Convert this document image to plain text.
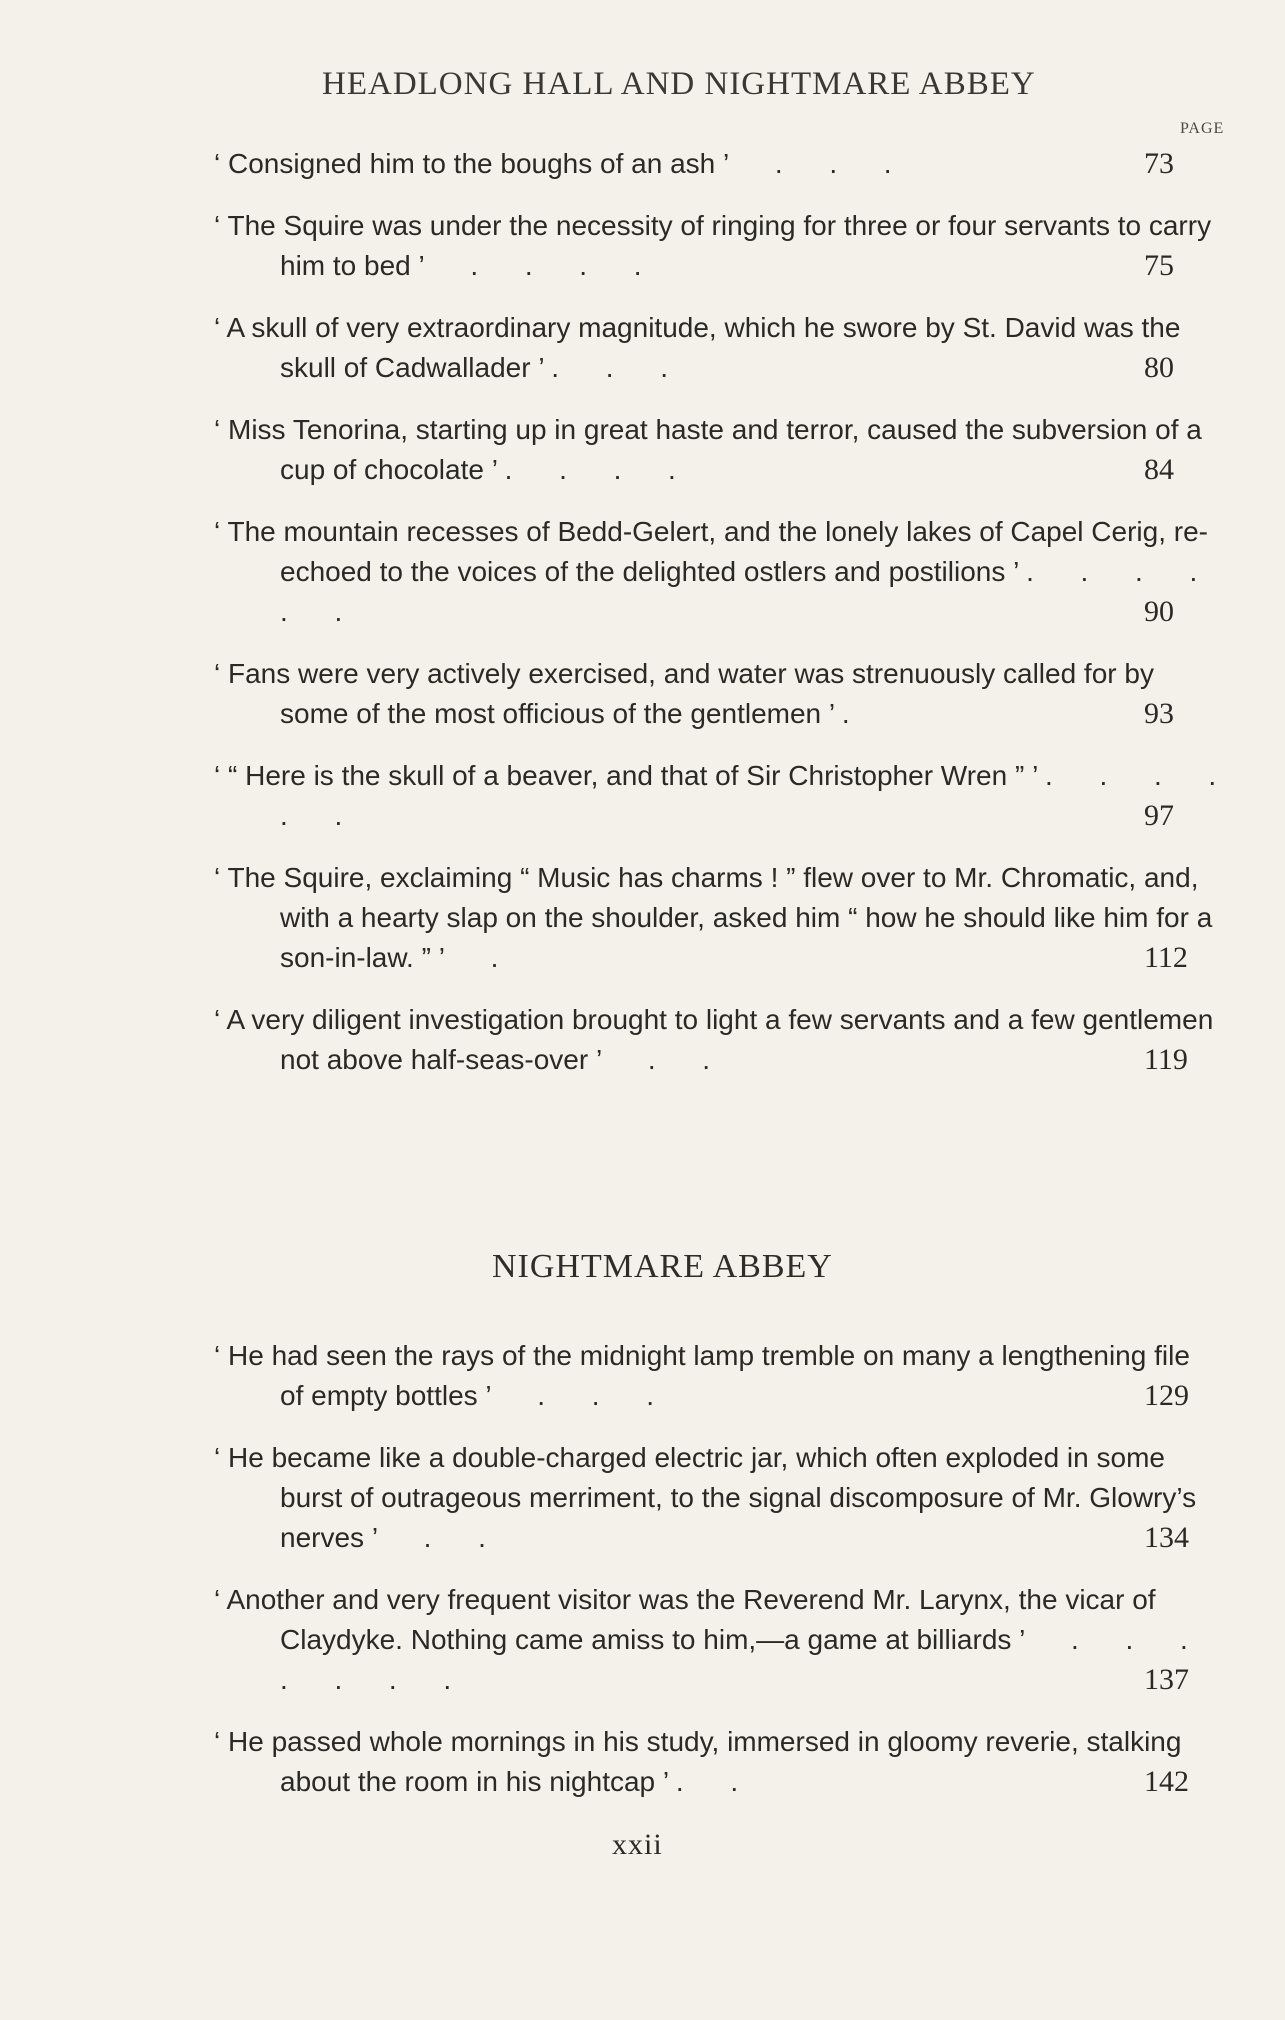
HEADLONG HALL AND NIGHTMARE ABBEY
PAGE
‘ Consigned him to the boughs of an ash ’      .      .      .	73
‘ The Squire was under the necessity of ringing for three or four servants to carry him to bed ’      .      .      .      .	75
‘ A skull of very extraordinary magnitude, which he swore by St. David was the skull of Cadwallader ’ .      .      .	80
‘ Miss Tenorina, starting up in great haste and terror, caused the subversion of a cup of chocolate ’ .      .      .      .	84
‘ The mountain recesses of Bedd-Gelert, and the lonely lakes of Capel Cerig, re-echoed to the voices of the delighted ostlers and postilions ’ .      .      .      .      .      .	90
‘ Fans were very actively exercised, and water was strenuously called for by some of the most officious of the gentlemen ’ .	93
‘ “ Here is the skull of a beaver, and that of Sir Christopher Wren ” ’ .      .      .      .      .      .	97
‘ The Squire, exclaiming “ Music has charms ! ” flew over to Mr. Chromatic, and, with a hearty slap on the shoulder, asked him “ how he should like him for a son-in-law. ” ’      .	112
‘ A very diligent investigation brought to light a few servants and a few gentlemen not above half-seas-over ’      .      .	119
NIGHTMARE ABBEY
‘ He had seen the rays of the midnight lamp tremble on many a lengthening file of empty bottles ’      .      .      .	129
‘ He became like a double-charged electric jar, which often exploded in some burst of outrageous merriment, to the signal discomposure of Mr. Glowry’s nerves ’      .      .	134
‘ Another and very frequent visitor was the Reverend Mr. Larynx, the vicar of Claydyke. Nothing came amiss to him,—a game at billiards ’      .      .      .      .      .      .      .	137
‘ He passed whole mornings in his study, immersed in gloomy reverie, stalking about the room in his nightcap ’ .      .	142
xxii
